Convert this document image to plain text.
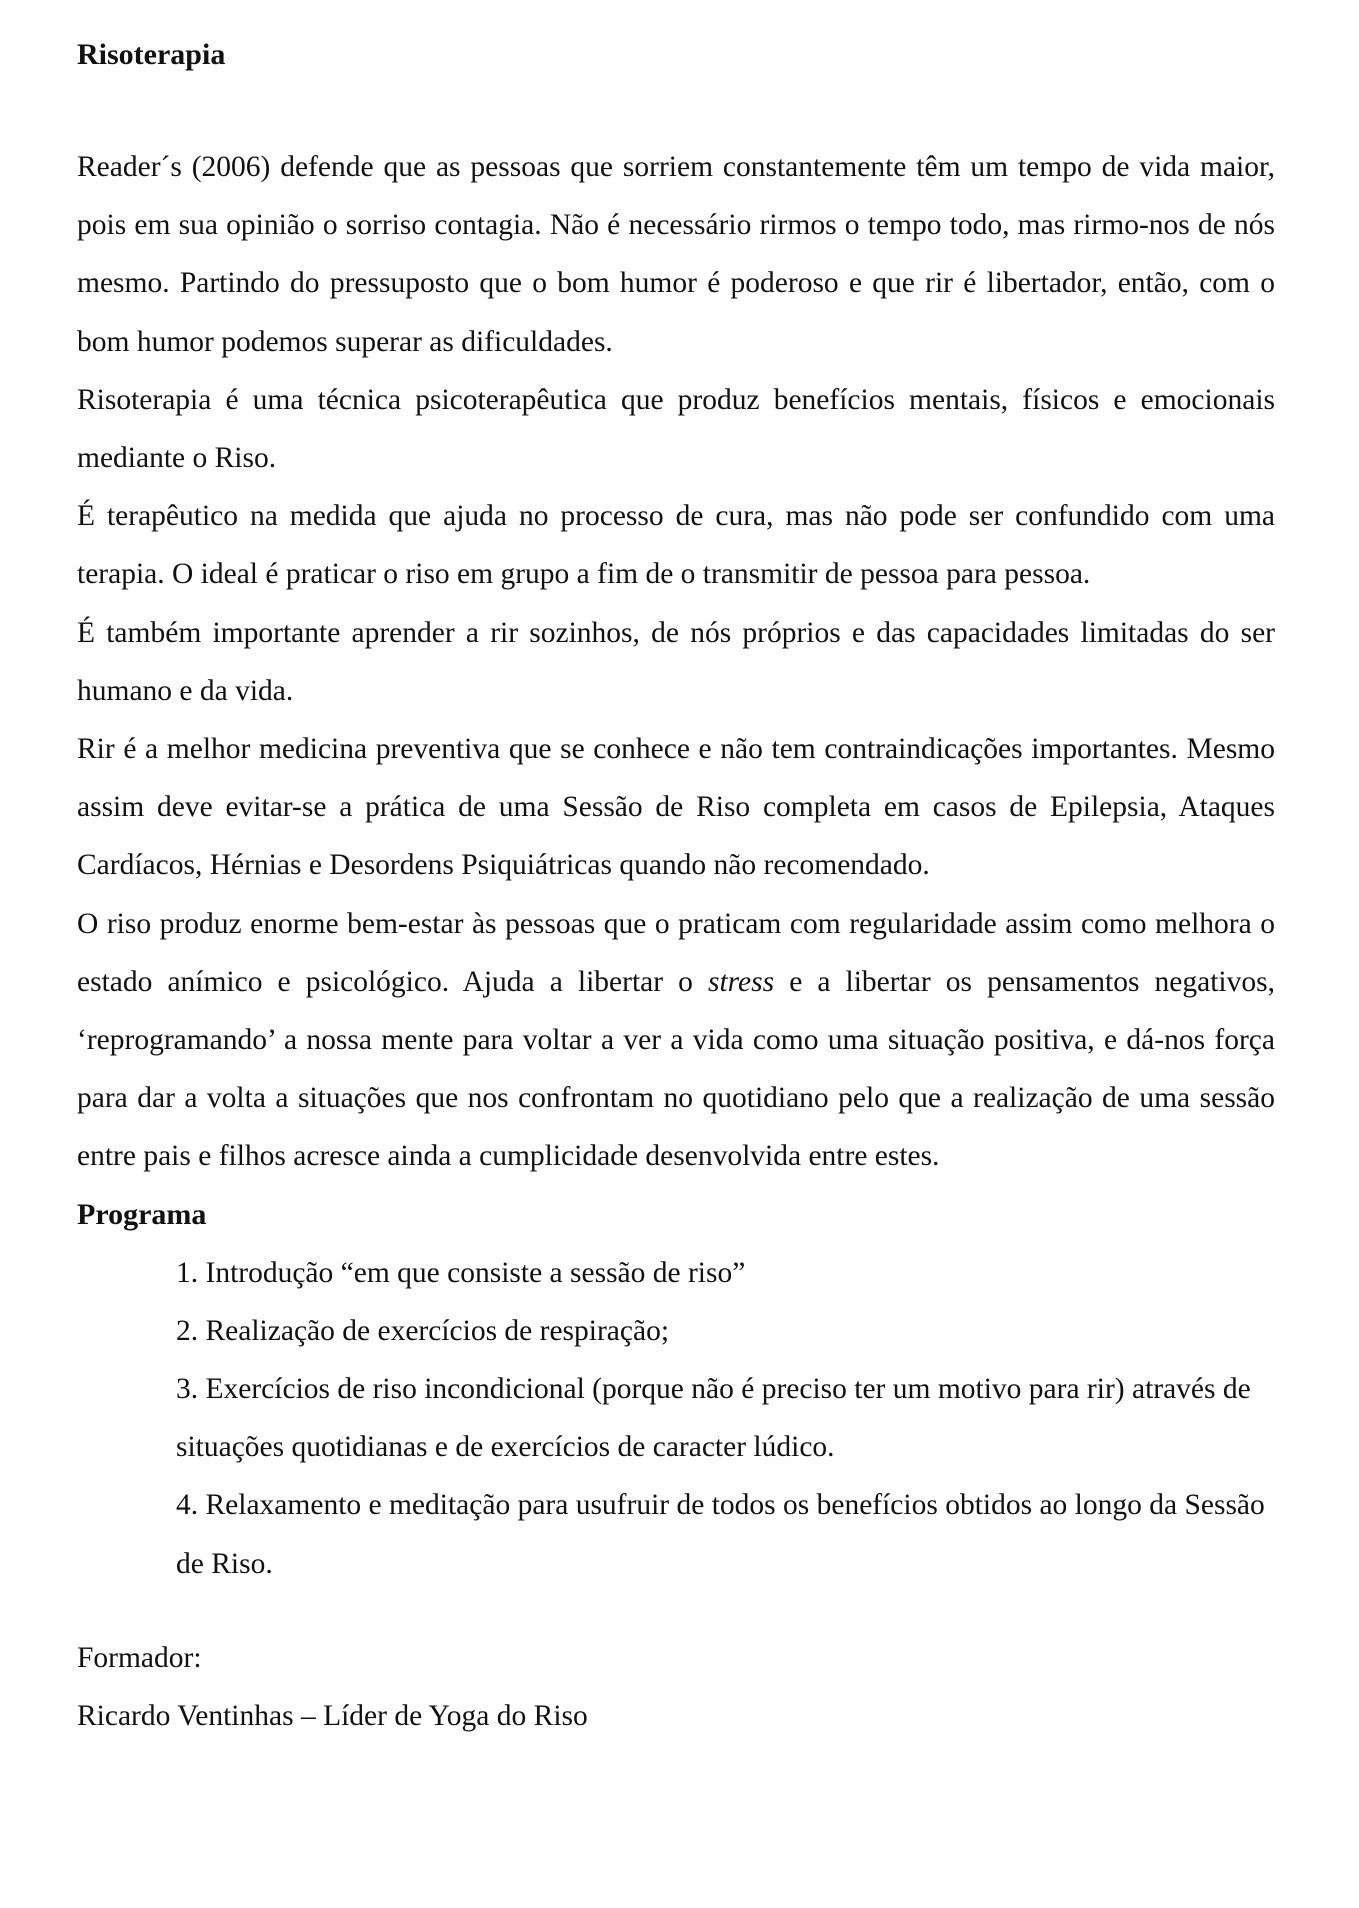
Risoterapia

Reader´s (2006) defende que as pessoas que sorriem constantemente têm um tempo de vida maior, pois em sua opinião o sorriso contagia. Não é necessário rirmos o tempo todo, mas rirmo-nos de nós mesmo. Partindo do pressuposto que o bom humor é poderoso e que rir é libertador, então, com o bom humor podemos superar as dificuldades.

Risoterapia é uma técnica psicoterapêutica que produz benefícios mentais, físicos e emocionais mediante o Riso.

É terapêutico na medida que ajuda no processo de cura, mas não pode ser confundido com uma terapia. O ideal é praticar o riso em grupo a fim de o transmitir de pessoa para pessoa.

É também importante aprender a rir sozinhos, de nós próprios e das capacidades limitadas do ser humano e da vida.

Rir é a melhor medicina preventiva que se conhece e não tem contraindicações importantes. Mesmo assim deve evitar-se a prática de uma Sessão de Riso completa em casos de Epilepsia, Ataques Cardíacos, Hérnias e Desordens Psiquiátricas quando não recomendado.

O riso produz enorme bem-estar às pessoas que o praticam com regularidade assim como melhora o estado anímico e psicológico. Ajuda a libertar o stress e a libertar os pensamentos negativos, ‘reprogramando’ a nossa mente para voltar a ver a vida como uma situação positiva, e dá-nos força para dar a volta a situações que nos confrontam no quotidiano pelo que a realização de uma sessão entre pais e filhos acresce ainda a cumplicidade desenvolvida entre estes.

Programa
1. Introdução “em que consiste a sessão de riso”
2. Realização de exercícios de respiração;
3. Exercícios de riso incondicional (porque não é preciso ter um motivo para rir) através de situações quotidianas e de exercícios de caracter lúdico.
4. Relaxamento e meditação para usufruir de todos os benefícios obtidos ao longo da Sessão de Riso.

Formador:

Ricardo Ventinhas – Líder de Yoga do Riso
